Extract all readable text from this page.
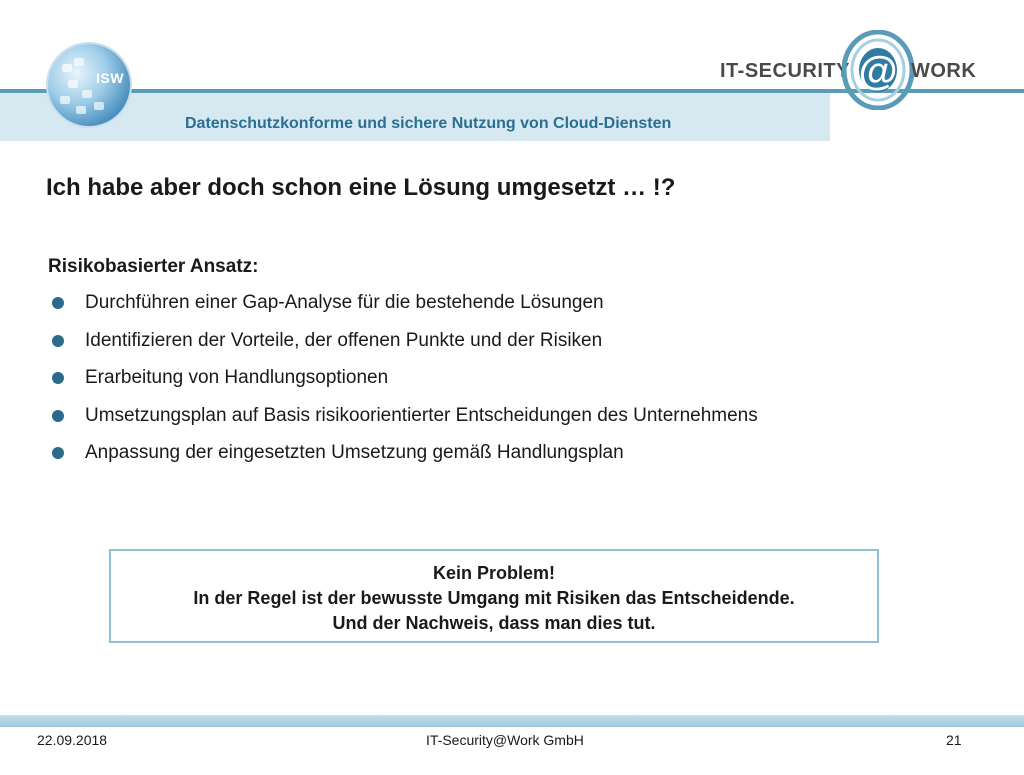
ISW
Datenschutzkonforme und sichere Nutzung von Cloud-Diensten
IT-SECURITY @ WORK
Ich habe aber doch schon eine Lösung umgesetzt … !?
Risikobasierter Ansatz:
Durchführen einer Gap-Analyse für die bestehende Lösungen
Identifizieren der Vorteile, der offenen Punkte und der Risiken
Erarbeitung von Handlungsoptionen
Umsetzungsplan auf Basis risikoorientierter Entscheidungen des Unternehmens
Anpassung der eingesetzten Umsetzung gemäß Handlungsplan
Kein Problem!
In der Regel ist der bewusste Umgang mit Risiken das Entscheidende.
Und der Nachweis, dass man dies tut.
22.09.2018	IT-Security@Work GmbH	21
